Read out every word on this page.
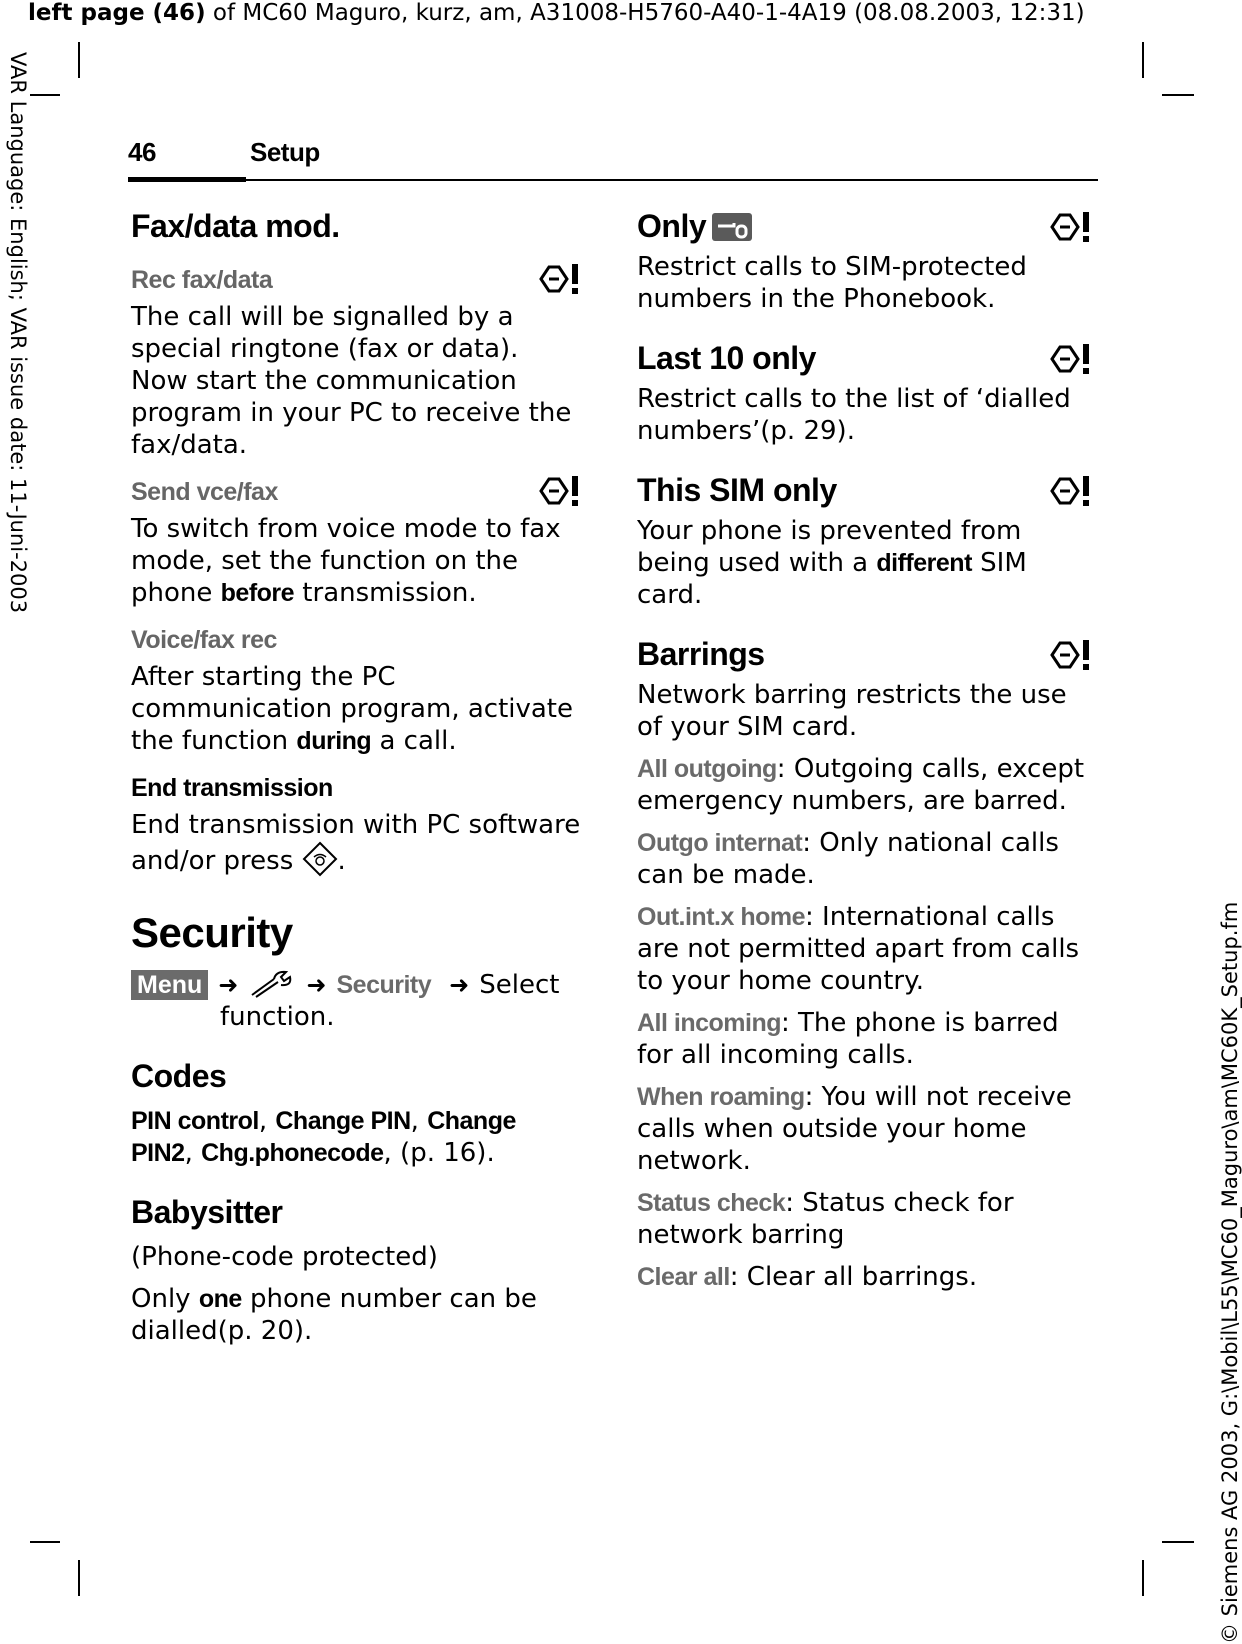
left page (46) of MC60 Maguro, kurz, am, A31008-H5760-A40-1-4A19 (08.08.2003, 12:31)
VAR Language: English; VAR issue date: 11-Juni-2003
© Siemens AG 2003, G:\Mobil\L55\MC60_Maguro\am\MC60K_Setup.fm
46	Setup
Fax/data mod.
Rec fax/data

The call will be signalled by a special ringtone (fax or data). Now start the communication program in your PC to receive the fax/data.

Send vce/fax

To switch from voice mode to fax mode, set the function on the phone before transmission.

Voice/fax rec

After starting the PC communication program, activate the function during a call.

End transmission

End transmission with PC software and/or press .

Security
Menu ➜	➜ Security ➜ Select
function.
Codes

PIN control, Change PIN, Change PIN2, Chg.phonecode, (p. 16).

Babysitter

(Phone-code protected)

Only one phone number can be dialled(p. 20).

Only

Restrict calls to SIM-protected numbers in the Phonebook.

Last 10 only

Restrict calls to the list of ‘dialled numbers’(p. 29).

This SIM only

Your phone is prevented from being used with a different SIM card.

Barrings

Network barring restricts the use of your SIM card.

All outgoing: Outgoing calls, except emergency numbers, are barred.

Outgo internat: Only national calls can be made.

Out.int.x home: International calls are not permitted apart from calls to your home country.

All incoming: The phone is barred for all incoming calls.

When roaming: You will not receive calls when outside your home network.

Status check: Status check for network barring

Clear all: Clear all barrings.
